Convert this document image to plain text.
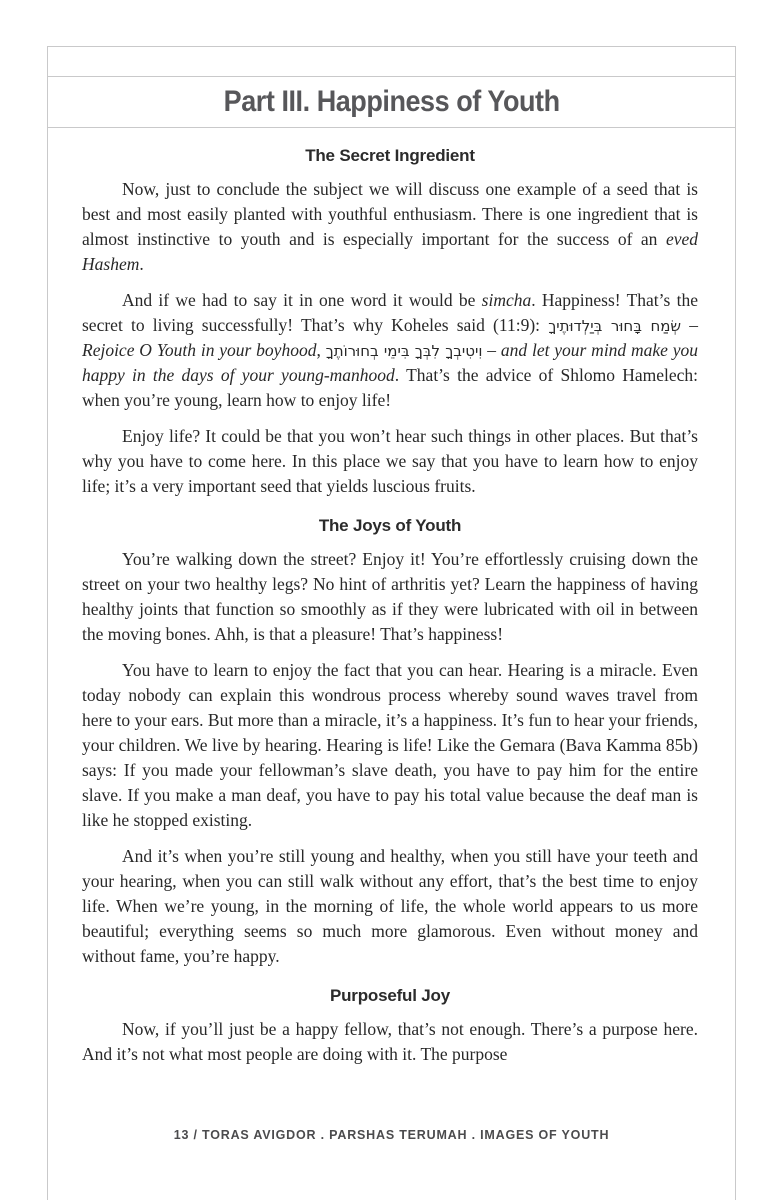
Part III. Happiness of Youth
The Secret Ingredient

Now, just to conclude the subject we will discuss one example of a seed that is best and most easily planted with youthful enthusiasm. There is one ingredient that is almost instinctive to youth and is especially important for the success of an eved Hashem.

And if we had to say it in one word it would be simcha. Happiness! That’s the secret to living successfully! That’s why Koheles said (11:9): שְׂמַח בָּחוּר בְּיַלְדוּתֶיךָ – Rejoice O Youth in your boyhood, וִיטִיבְךָ לִבְּךָ בִּימֵי בְחוּרוֹתֶךָ – and let your mind make you happy in the days of your young-manhood. That’s the advice of Shlomo Hamelech: when you’re young, learn how to enjoy life!

Enjoy life? It could be that you won’t hear such things in other places. But that’s why you have to come here. In this place we say that you have to learn how to enjoy life; it’s a very important seed that yields luscious fruits.

The Joys of Youth

You’re walking down the street? Enjoy it! You’re effortlessly cruising down the street on your two healthy legs? No hint of arthritis yet? Learn the happiness of having healthy joints that function so smoothly as if they were lubricated with oil in between the moving bones. Ahh, is that a pleasure! That’s happiness!

You have to learn to enjoy the fact that you can hear. Hearing is a miracle. Even today nobody can explain this wondrous process whereby sound waves travel from here to your ears. But more than a miracle, it’s a happiness. It’s fun to hear your friends, your children. We live by hearing. Hearing is life! Like the Gemara (Bava Kamma 85b) says: If you made your fellowman’s slave death, you have to pay him for the entire slave. If you make a man deaf, you have to pay his total value because the deaf man is like he stopped existing.

And it’s when you’re still young and healthy, when you still have your teeth and your hearing, when you can still walk without any effort, that’s the best time to enjoy life. When we’re young, in the morning of life, the whole world appears to us more beautiful; everything seems so much more glamorous. Even without money and without fame, you’re happy.

Purposeful Joy

Now, if you’ll just be a happy fellow, that’s not enough. There’s a purpose here. And it’s not what most people are doing with it. The purpose

13 / TORAS AVIGDOR . PARSHAS TERUMAH . IMAGES OF YOUTH
